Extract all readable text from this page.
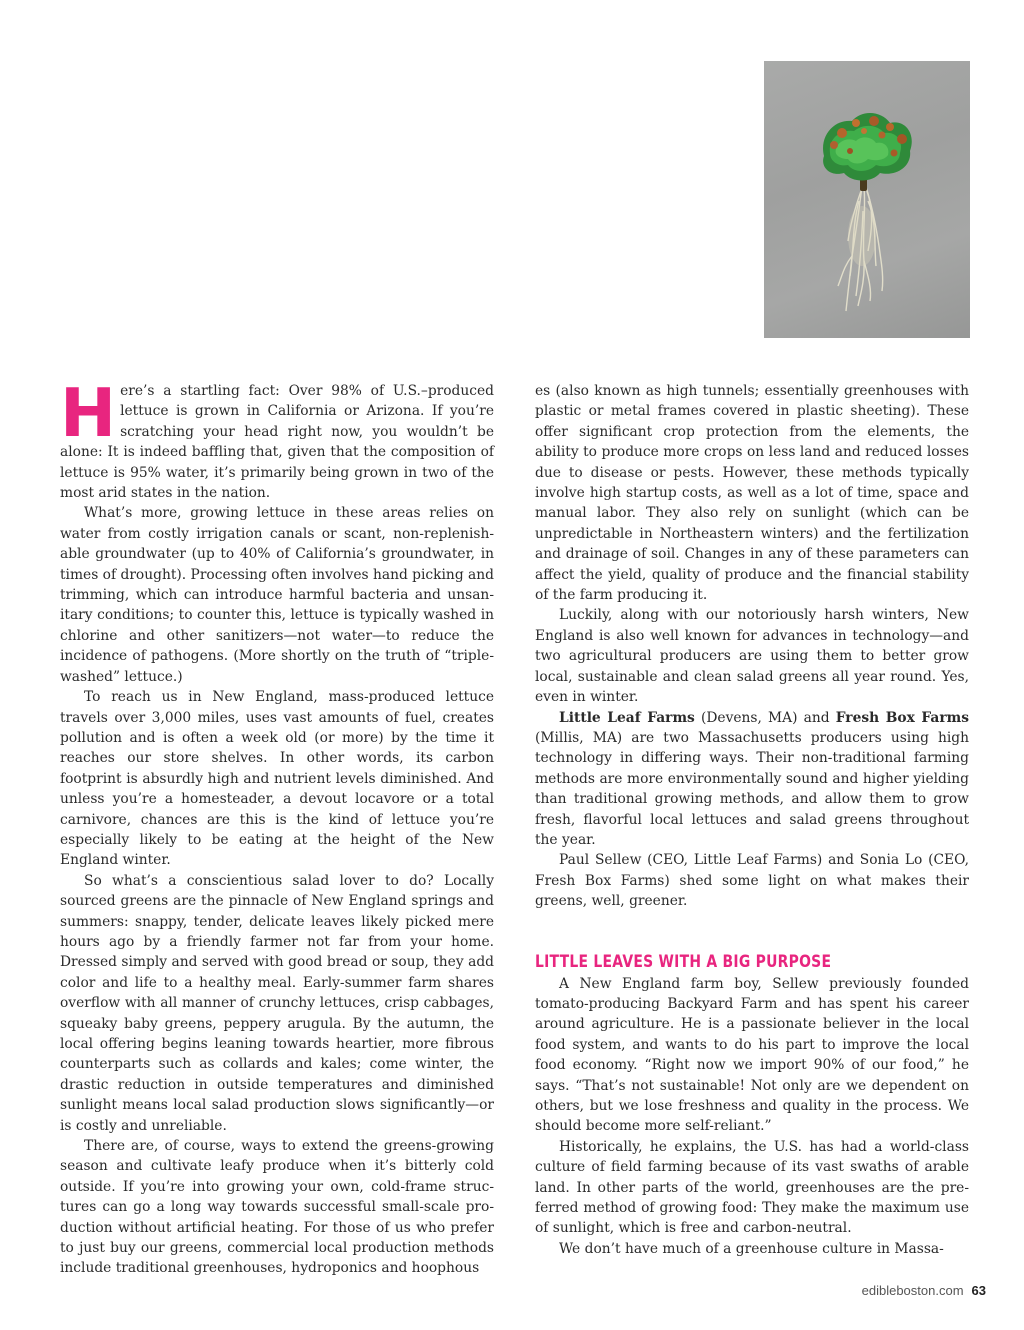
Here’s a startling fact: Over 98% of U.S.–produced lettuce is grown in California or Arizona. If you’re scratching your head right now, you wouldn’t be alone: It is indeed baffling that, given that the composition of lettuce is 95% water, it’s primarily being grown in two of the most arid states in the nation.

What’s more, growing lettuce in these areas relies on water from costly irrigation canals or scant, non-replenishable groundwater (up to 40% of California’s groundwater, in times of drought). Processing often involves hand picking and trimming, which can introduce harmful bacteria and unsanitary conditions; to counter this, lettuce is typically washed in chlorine and other sanitizers—not water—to reduce the incidence of pathogens. (More shortly on the truth of “triple-washed” lettuce.)

To reach us in New England, mass-produced lettuce travels over 3,000 miles, uses vast amounts of fuel, creates pollution and is often a week old (or more) by the time it reaches our store shelves. In other words, its carbon footprint is absurdly high and nutrient levels diminished. And unless you’re a homesteader, a devout locavore or a total carnivore, chances are this is the kind of lettuce you’re especially likely to be eating at the height of the New England winter.

So what’s a conscientious salad lover to do? Locally sourced greens are the pinnacle of New England springs and summers: snappy, tender, delicate leaves likely picked mere hours ago by a friendly farmer not far from your home. Dressed simply and served with good bread or soup, they add color and life to a healthy meal. Early-summer farm shares overflow with all manner of crunchy lettuces, crisp cabbages, squeaky baby greens, peppery arugula. By the autumn, the local offering begins leaning towards heartier, more fibrous counterparts such as collards and kales; come winter, the drastic reduction in outside temperatures and diminished sunlight means local salad production slows significantly—or is costly and unreliable.

There are, of course, ways to extend the greens-growing season and cultivate leafy produce when it’s bitterly cold outside. If you’re into growing your own, cold-frame structures can go a long way towards successful small-scale production without artificial heating. For those of us who prefer to just buy our greens, commercial local production methods include traditional greenhouses, hydroponics and hoophous

es (also known as high tunnels; essentially greenhouses with plastic or metal frames covered in plastic sheeting). These offer significant crop protection from the elements, the ability to produce more crops on less land and reduced losses due to disease or pests. However, these methods typically involve high startup costs, as well as a lot of time, space and manual labor. They also rely on sunlight (which can be unpredictable in Northeastern winters) and the fertilization and drainage of soil. Changes in any of these parameters can affect the yield, quality of produce and the financial stability of the farm producing it.

Luckily, along with our notoriously harsh winters, New England is also well known for advances in technology—and two agricultural producers are using them to better grow local, sustainable and clean salad greens all year round. Yes, even in winter.

Little Leaf Farms (Devens, MA) and Fresh Box Farms (Millis, MA) are two Massachusetts producers using high technology in differing ways. Their non-traditional farming methods are more environmentally sound and higher yielding than traditional growing methods, and allow them to grow fresh, flavorful local lettuces and salad greens throughout the year.

Paul Sellew (CEO, Little Leaf Farms) and Sonia Lo (CEO, Fresh Box Farms) shed some light on what makes their greens, well, greener.

LITTLE LEAVES WITH A BIG PURPOSE

A New England farm boy, Sellew previously founded tomato-producing Backyard Farm and has spent his career around agriculture. He is a passionate believer in the local food system, and wants to do his part to improve the local food economy. “Right now we import 90% of our food,” he says. “That’s not sustainable! Not only are we dependent on others, but we lose freshness and quality in the process. We should become more self-reliant.”

Historically, he explains, the U.S. has had a world-class culture of field farming because of its vast swaths of arable land. In other parts of the world, greenhouses are the preferred method of growing food: They make the maximum use of sunlight, which is free and carbon-neutral.

We don’t have much of a greenhouse culture in Massa-

edibleboston.com 63
